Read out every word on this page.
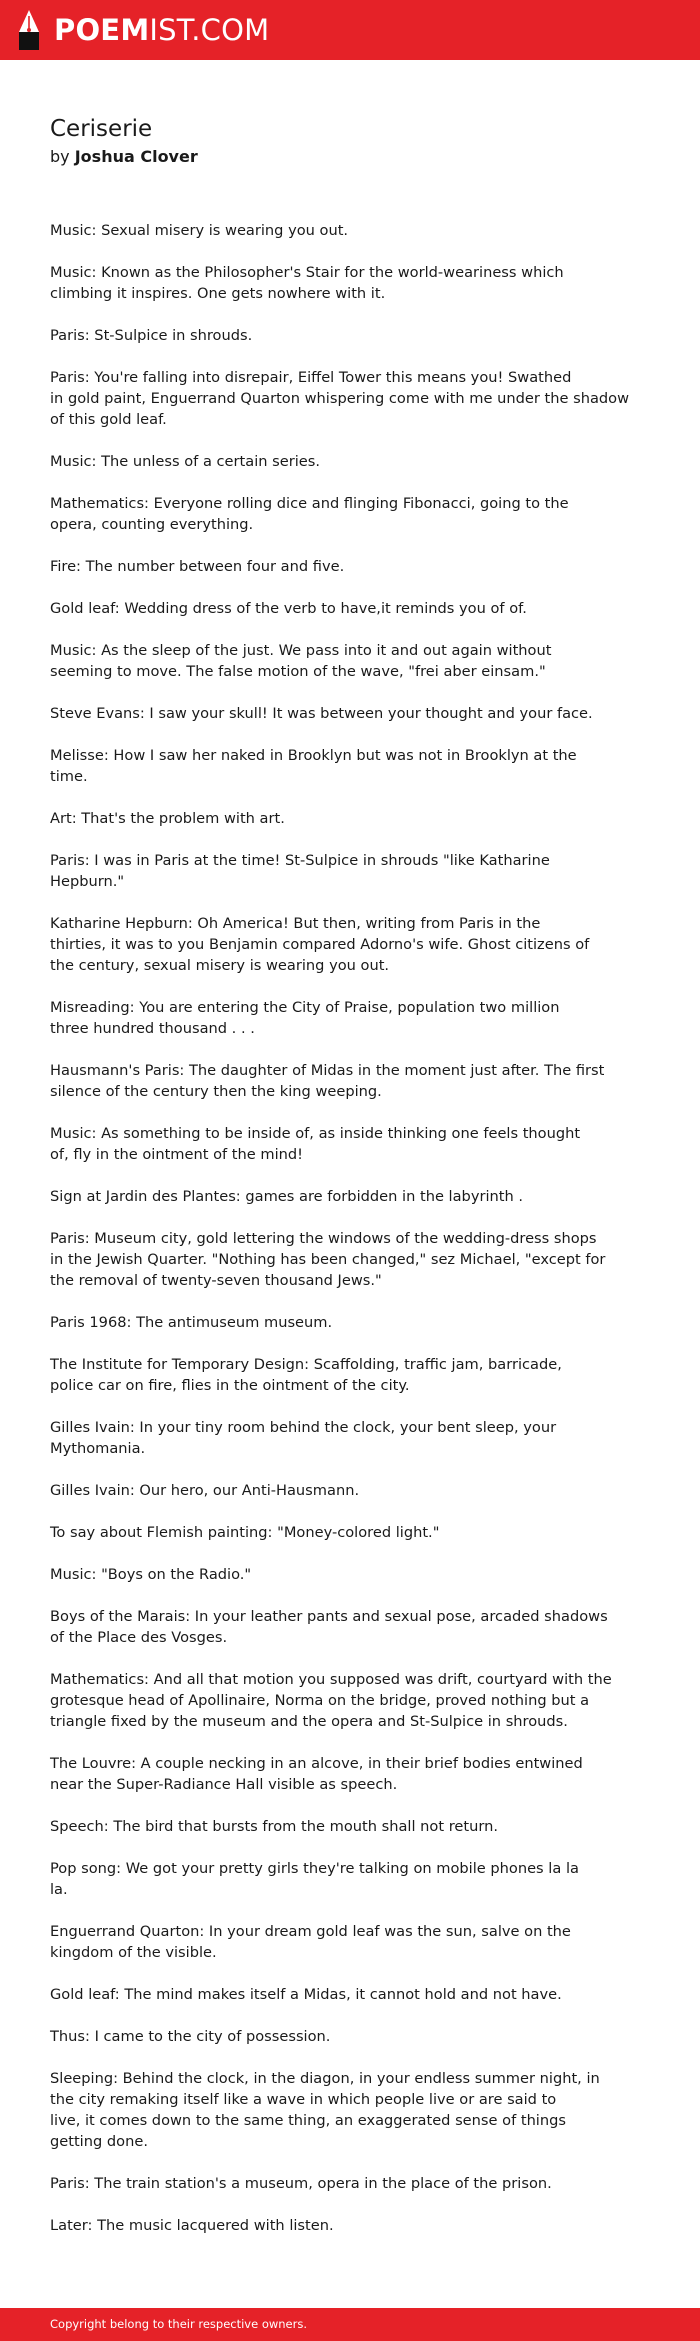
POEMIST.COM
Ceriserie
by Joshua Clover

Music: Sexual misery is wearing you out.

Music: Known as the Philosopher's Stair for the world-weariness which
climbing it inspires. One gets nowhere with it.

Paris: St-Sulpice in shrouds.

Paris: You're falling into disrepair, Eiffel Tower this means you! Swathed
in gold paint, Enguerrand Quarton whispering come with me under the shadow
of this gold leaf.

Music: The unless of a certain series.

Mathematics: Everyone rolling dice and flinging Fibonacci, going to the
opera, counting everything.

Fire: The number between four and five.

Gold leaf: Wedding dress of the verb to have,it reminds you of of.

Music: As the sleep of the just. We pass into it and out again without
seeming to move. The false motion of the wave, "frei aber einsam."

Steve Evans: I saw your skull! It was between your thought and your face.

Melisse: How I saw her naked in Brooklyn but was not in Brooklyn at the
time.

Art: That's the problem with art.

Paris: I was in Paris at the time! St-Sulpice in shrouds "like Katharine
Hepburn."

Katharine Hepburn: Oh America! But then, writing from Paris in the
thirties, it was to you Benjamin compared Adorno's wife. Ghost citizens of
the century, sexual misery is wearing you out.

Misreading: You are entering the City of Praise, population two million
three hundred thousand . . .

Hausmann's Paris: The daughter of Midas in the moment just after. The first
silence of the century then the king weeping.

Music: As something to be inside of, as inside thinking one feels thought
of, fly in the ointment of the mind!

Sign at Jardin des Plantes: games are forbidden in the labyrinth .

Paris: Museum city, gold lettering the windows of the wedding-dress shops
in the Jewish Quarter. "Nothing has been changed," sez Michael, "except for
the removal of twenty-seven thousand Jews."

Paris 1968: The antimuseum museum.

The Institute for Temporary Design: Scaffolding, traffic jam, barricade,
police car on fire, flies in the ointment of the city.

Gilles Ivain: In your tiny room behind the clock, your bent sleep, your
Mythomania.

Gilles Ivain: Our hero, our Anti-Hausmann.

To say about Flemish painting: "Money-colored light."

Music: "Boys on the Radio."

Boys of the Marais: In your leather pants and sexual pose, arcaded shadows
of the Place des Vosges.

Mathematics: And all that motion you supposed was drift, courtyard with the
grotesque head of Apollinaire, Norma on the bridge, proved nothing but a
triangle fixed by the museum and the opera and St-Sulpice in shrouds.

The Louvre: A couple necking in an alcove, in their brief bodies entwined
near the Super-Radiance Hall visible as speech.

Speech: The bird that bursts from the mouth shall not return.

Pop song: We got your pretty girls they're talking on mobile phones la la
la.

Enguerrand Quarton: In your dream gold leaf was the sun, salve on the
kingdom of the visible.

Gold leaf: The mind makes itself a Midas, it cannot hold and not have.

Thus: I came to the city of possession.

Sleeping: Behind the clock, in the diagon, in your endless summer night, in
the city remaking itself like a wave in which people live or are said to
live, it comes down to the same thing, an exaggerated sense of things
getting done.

Paris: The train station's a museum, opera in the place of the prison.

Later: The music lacquered with listen.

Copyright belong to their respective owners.
